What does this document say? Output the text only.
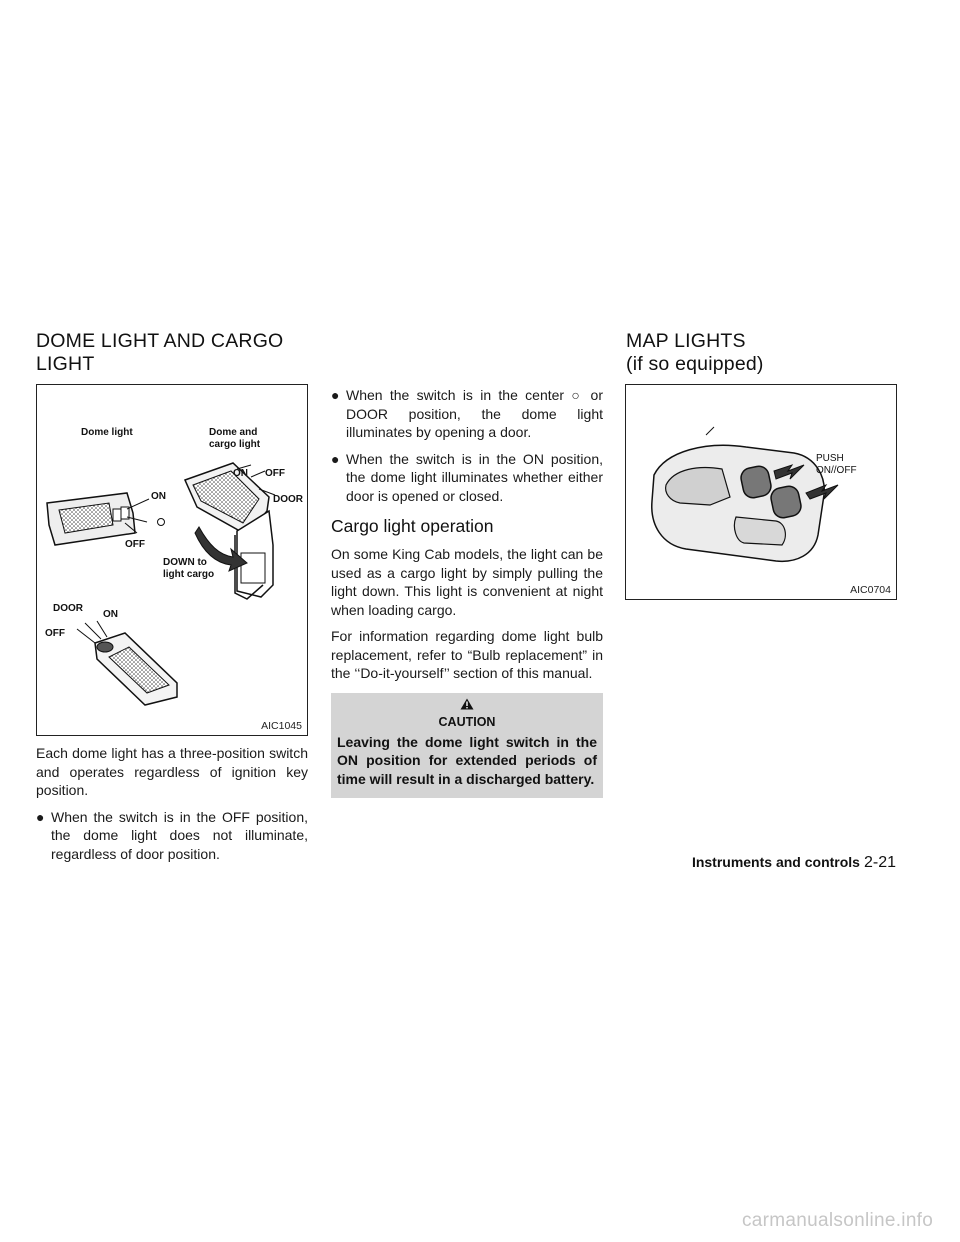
DOME LIGHT AND CARGO
LIGHT
MAP LIGHTS
(if so equipped)
Dome light	Dome and
cargo light
ON OFF
ON	DOOR
OFF
DOWN to
light cargo
DOOR
ON
OFF
AIC1045
Each dome light has a three-position switch and operates regardless of ignition key position.
● When the switch is in the OFF position, the dome light does not illuminate, regardless of door position.
● When the switch is in the center ○ or DOOR position, the dome light illuminates by opening a door.
● When the switch is in the ON position, the dome light illuminates whether either door is opened or closed.
Cargo light operation
On some King Cab models, the light can be used as a cargo light by simply pulling the light down. This light is convenient at night when loading cargo.
For information regarding dome light bulb replacement, refer to “Bulb replacement” in the ‘‘Do-it-yourself’’ section of this manual.
CAUTION
Leaving the dome light switch in the ON position for extended periods of time will result in a discharged battery.
PUSH
ON//OFF
AIC0704
Instruments and controls 2-21
carmanualsonline.info
